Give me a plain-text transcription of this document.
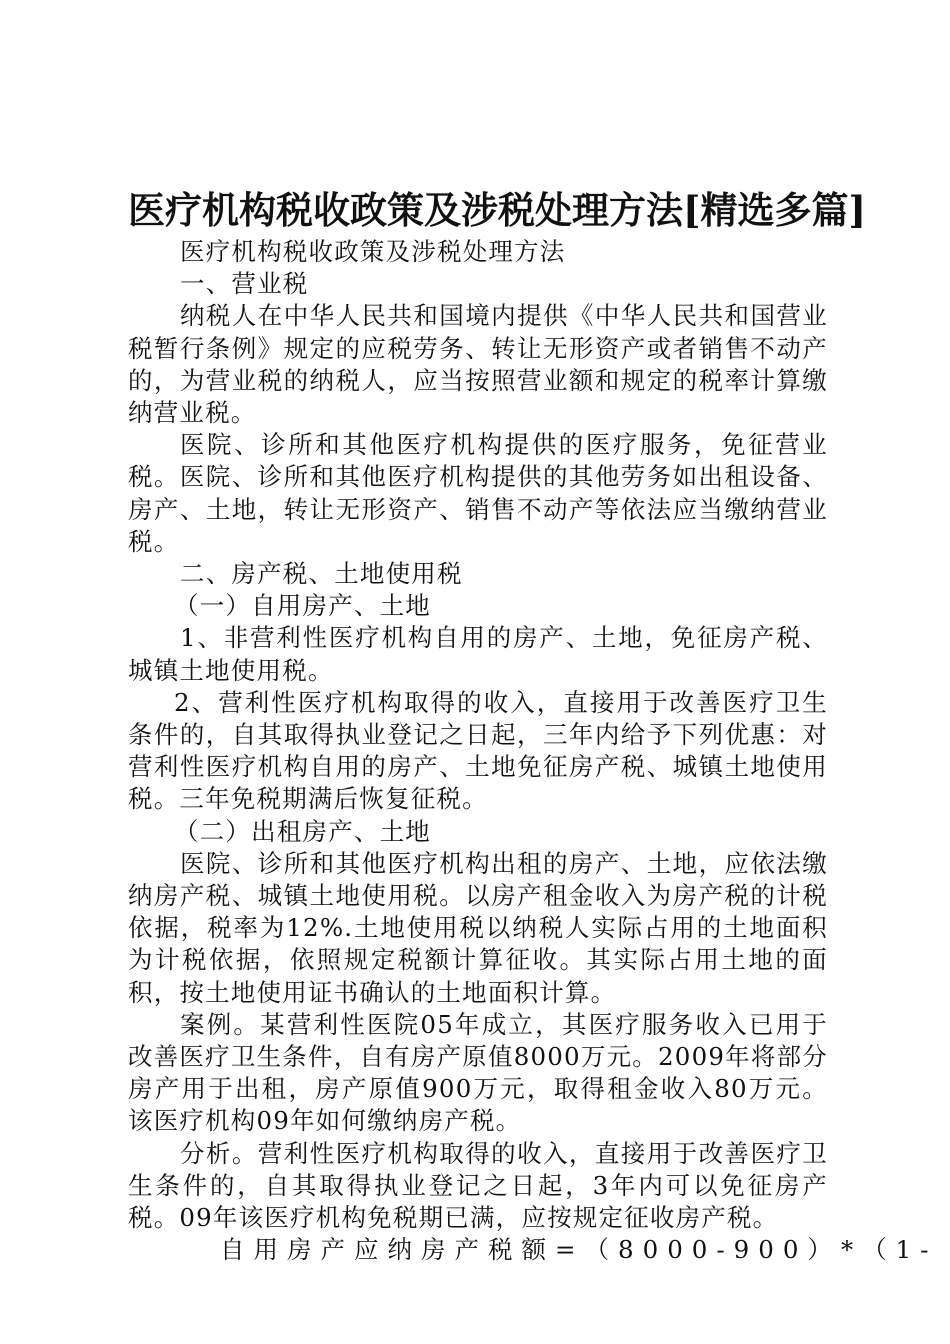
医疗机构税收政策及涉税处理方法[精选多篇]

医疗机构税收政策及涉税处理方法

一、营业税

纳税人在中华人民共和国境内提供《中华人民共和国营业税暂行条例》规定的应税劳务、转让无形资产或者销售不动产的，为营业税的纳税人，应当按照营业额和规定的税率计算缴纳营业税。

医院、诊所和其他医疗机构提供的医疗服务，免征营业税。医院、诊所和其他医疗机构提供的其他劳务如出租设备、房产、土地，转让无形资产、销售不动产等依法应当缴纳营业税。

二、房产税、土地使用税

（一）自用房产、土地

1、非营利性医疗机构自用的房产、土地，免征房产税、城镇土地使用税。

2、营利性医疗机构取得的收入，直接用于改善医疗卫生条件的，自其取得执业登记之日起，三年内给予下列优惠：对营利性医疗机构自用的房产、土地免征房产税、城镇土地使用税。三年免税期满后恢复征税。

（二）出租房产、土地

医院、诊所和其他医疗机构出租的房产、土地，应依法缴纳房产税、城镇土地使用税。以房产租金收入为房产税的计税依据，税率为12%.土地使用税以纳税人实际占用的土地面积为计税依据，依照规定税额计算征收。其实际占用土地的面积，按土地使用证书确认的土地面积计算。

案例。某营利性医院05年成立，其医疗服务收入已用于改善医疗卫生条件，自有房产原值8000万元。2009年将部分房产用于出租，房产原值900万元，取得租金收入80万元。该医疗机构09年如何缴纳房产税。

分析。营利性医疗机构取得的收入，直接用于改善医疗卫生条件的，自其取得执业登记之日起，3年内可以免征房产税。09年该医疗机构免税期已满，应按规定征收房产税。

自用房产应纳房产税额=（8000-900）*（1-
